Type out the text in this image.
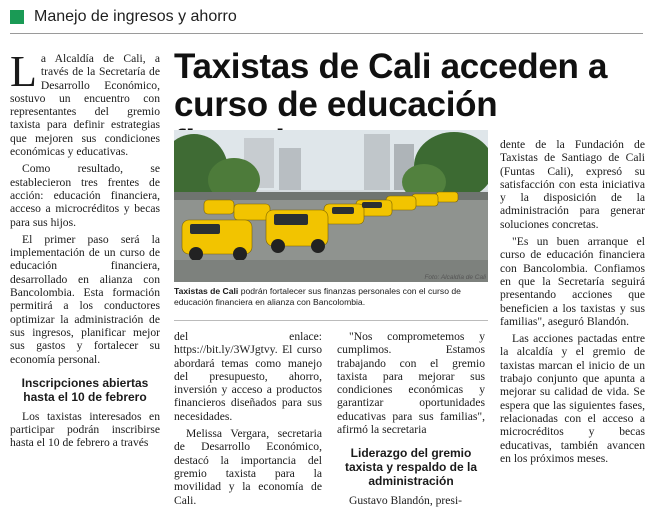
Manejo de ingresos y ahorro

La Alcaldía de Cali, a través de la Secretaría de Desarrollo Económico, sostuvo un encuentro con representantes del gremio taxista para definir estrategias que mejoren sus condiciones económicas y educativas.

Como resultado, se establecieron tres frentes de acción: educación financiera, acceso a microcréditos y becas para sus hijos.

El primer paso será la implementación de un curso de educación financiera, desarrollado en alianza con Bancolombia. Esta formación permitirá a los conductores optimizar la administración de sus ingresos, planificar mejor sus gastos y fortalecer su economía personal.

Inscripciones abiertas hasta el 10 de febrero

Los taxistas interesados en participar podrán inscribirse hasta el 10 de febrero a través

Taxistas de Cali acceden a curso de educación
Foto: Alcaldía de Cali
Taxistas de Cali podrán fortalecer sus finanzas personales con el curso de educación financiera en alianza con Bancolombia.

del enlace: https://bit.ly/3WJgtvy. El curso abordará temas como manejo del presupuesto, ahorro, inversión y acceso a productos financieros diseñados para sus necesidades.

Melissa Vergara, secretaria de Desarrollo Económico, destacó la importancia del gremio taxista para la movilidad y la economía de Cali.

"Nos comprometemos y cumplimos. Estamos trabajando con el gremio taxista para mejorar sus condiciones económicas y garantizar oportunidades educativas para sus familias", afirmó la secretaria

Liderazgo del gremio taxista y respaldo de la administración

Gustavo Blandón, presi-

dente de la Fundación de Taxistas de Santiago de Cali (Funtas Cali), expresó su satisfacción con esta iniciativa y la disposición de la administración para generar soluciones concretas.

"Es un buen arranque el curso de educación financiera con Bancolombia. Confiamos en que la Secretaría seguirá presentando acciones que beneficien a los taxistas y sus familias", aseguró Blandón.

Las acciones pactadas entre la alcaldía y el gremio de taxistas marcan el inicio de un trabajo conjunto que apunta a mejorar su calidad de vida. Se espera que las siguientes fases, relacionadas con el acceso a microcréditos y becas educativas, también avancen en los próximos meses.
